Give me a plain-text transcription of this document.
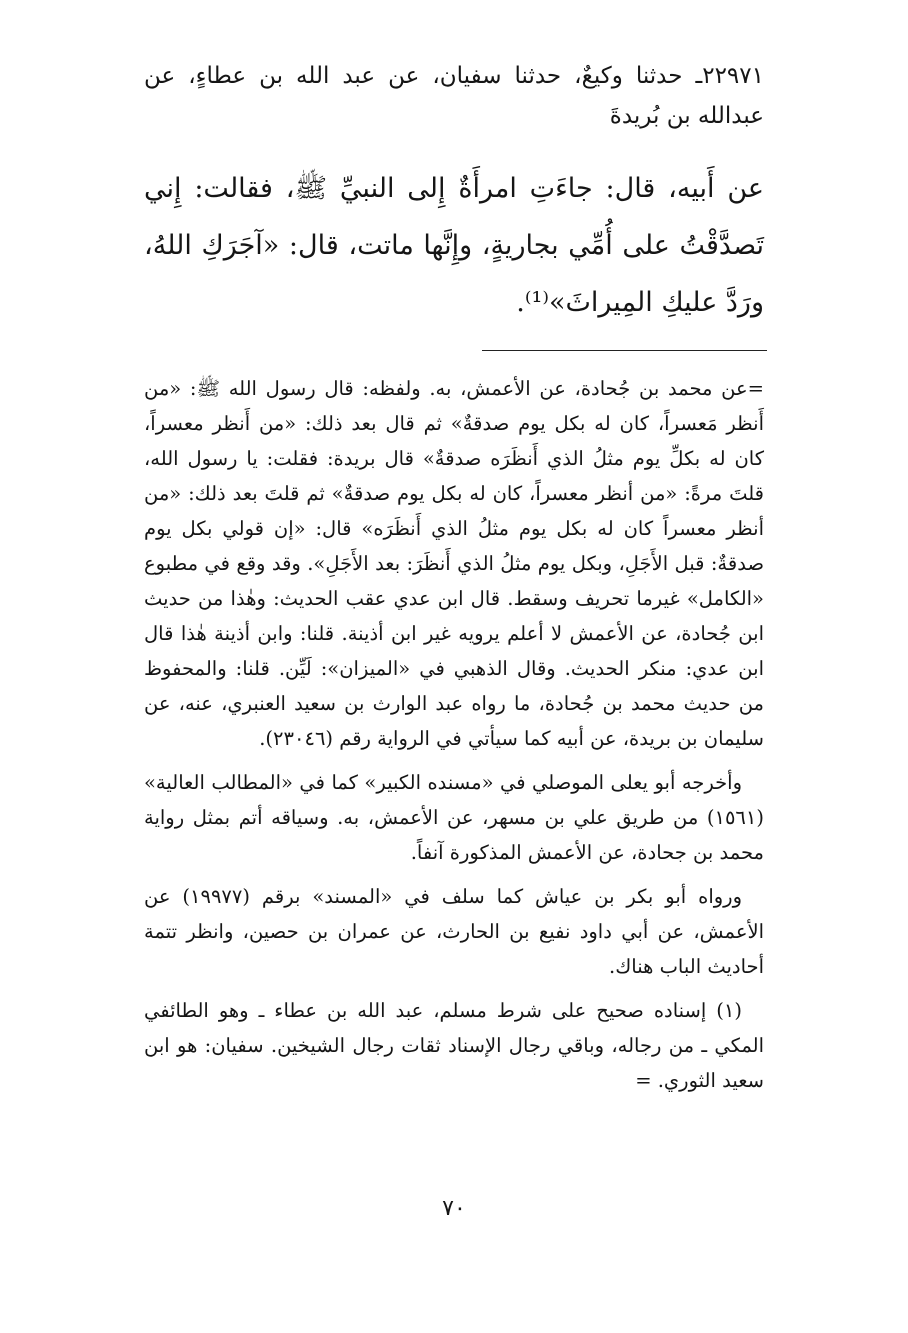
٢٢٩٧١ـ حدثنا وكيعٌ، حدثنا سفيان، عن عبد الله بن عطاءٍ، عن عبدالله بن بُريدةَ
عن أَبيه، قال: جاءَتِ امرأَةٌ إِلى النبيِّ ﷺ، فقالت: إِني تَصدَّقْتُ على أُمِّي بجاريةٍ، وإِنَّها ماتت، قال: «آجَرَكِ اللهُ، ورَدَّ عليكِ المِيراثَ»⁽¹⁾.

=عن محمد بن جُحادة، عن الأعمش، به. ولفظه: قال رسول الله ﷺ: «من أَنظر مَعسراً، كان له بكل يوم صدقةٌ» ثم قال بعد ذلك: «من أَنظر معسراً، كان له بكلِّ يوم مثلُ الذي أَنظَرَه صدقةٌ» قال بريدة: فقلت: يا رسول الله، قلتَ مرةً: «من أنظر معسراً، كان له بكل يوم صدقةٌ» ثم قلتَ بعد ذلك: «من أنظر معسراً كان له بكل يوم مثلُ الذي أَنظَرَه» قال: «إن قولي بكل يوم صدقةٌ: قبل الأَجَلِ، وبكل يوم مثلُ الذي أَنظَرَ: بعد الأَجَلِ». وقد وقع في مطبوع «الكامل» غيرما تحريف وسقط. قال ابن عدي عقب الحديث: وهٰذا من حديث ابن جُحادة، عن الأعمش لا أعلم يرويه غير ابن أذينة. قلنا: وابن أذينة هٰذا قال ابن عدي: منكر الحديث. وقال الذهبي في «الميزان»: لَيِّن. قلنا: والمحفوظ من حديث محمد بن جُحادة، ما رواه عبد الوارث بن سعيد العنبري، عنه، عن سليمان بن بريدة، عن أبيه كما سيأتي في الرواية رقم (٢٣٠٤٦).

وأخرجه أبو يعلى الموصلي في «مسنده الكبير» كما في «المطالب العالية» (١٥٦١) من طريق علي بن مسهر، عن الأعمش، به. وسياقه أتم بمثل رواية محمد بن جحادة، عن الأعمش المذكورة آنفاً.

ورواه أبو بكر بن عياش كما سلف في «المسند» برقم (١٩٩٧٧) عن الأعمش، عن أبي داود نفيع بن الحارث، عن عمران بن حصين، وانظر تتمة أحاديث الباب هناك.

(١) إسناده صحيح على شرط مسلم، عبد الله بن عطاء ـ وهو الطائفي المكي ـ من رجاله، وباقي رجال الإسناد ثقات رجال الشيخين. سفيان: هو ابن سعيد الثوري. =

٧٠
